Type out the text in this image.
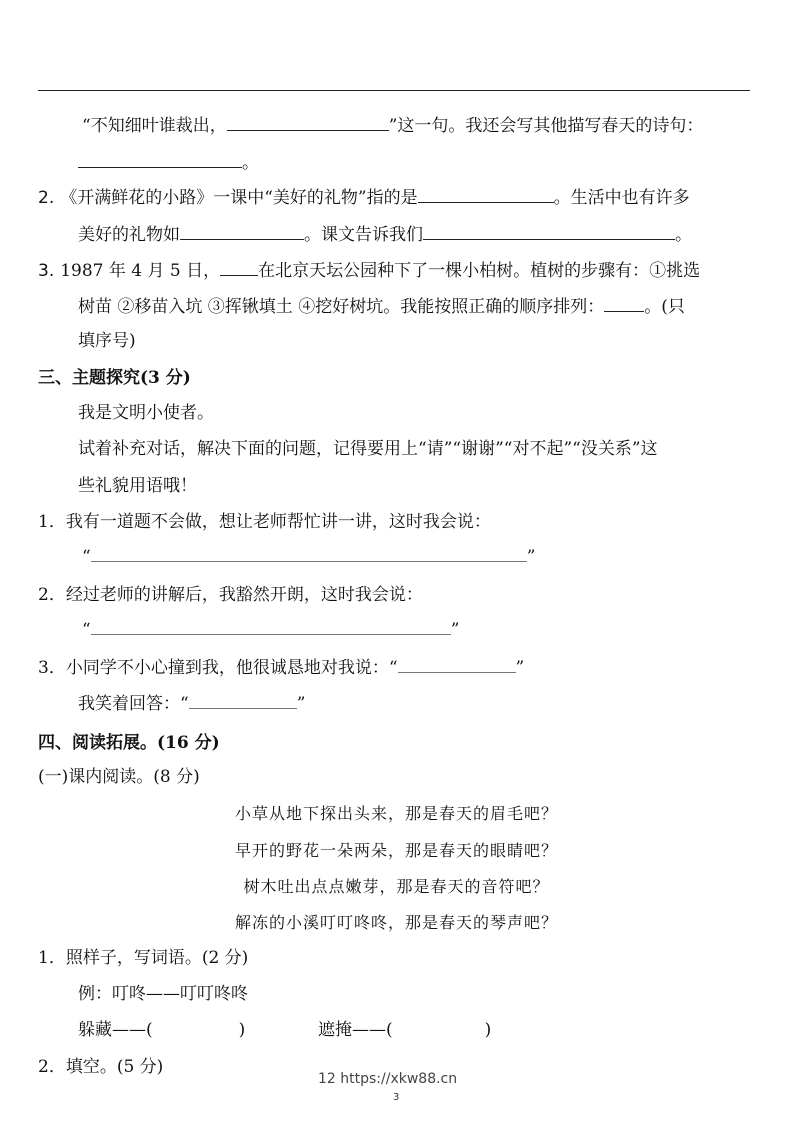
“不知细叶谁裁出，	”这一句。我还会写其他描写春天的诗句：
。
2. 《开满鲜花的小路》一课中“美好的礼物”指的是	。生活中也有许多
美好的礼物如	。课文告诉我们	。
3. 1987 年 4 月 5 日， 在北京天坛公园种下了一棵小柏树。植树的步骤有：①挑选
树苗 ②移苗入坑 ③挥锹填土 ④挖好树坑。我能按照正确的顺序排列： 。(只
填序号)
三、主题探究(3 分)
我是文明小使者。
试着补充对话，解决下面的问题，记得要用上“请”“谢谢”“对不起”“没关系”这
些礼貌用语哦！
1．我有一道题不会做，想让老师帮忙讲一讲，这时我会说：
“	”
2．经过老师的讲解后，我豁然开朗，这时我会说：
“	”
3．小同学不小心撞到我，他很诚恳地对我说：“	”
我笑着回答：“	”
四、阅读拓展。(16 分)
(一)课内阅读。(8 分)
小草从地下探出头来，那是春天的眉毛吧？
早开的野花一朵两朵，那是春天的眼睛吧？
树木吐出点点嫩芽，那是春天的音符吧？
解冻的小溪叮叮咚咚，那是春天的琴声吧？
1．照样子，写词语。(2 分)
例：叮咚——叮叮咚咚
躲藏——(	)	遮掩——(	)
2．填空。(5 分)
12 https://xkw88.cn
3
